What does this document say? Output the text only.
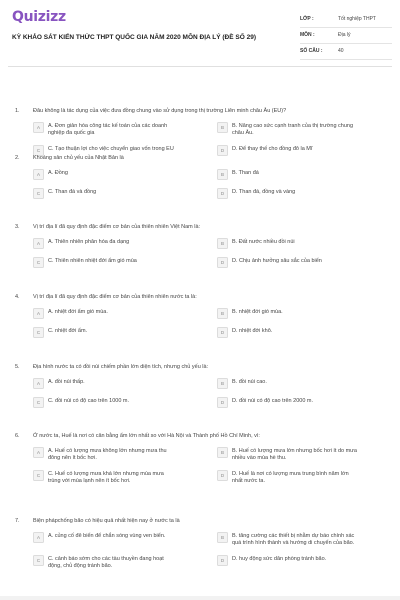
Quizizz
KỲ KHẢO SÁT KIẾN THỨC THPT QUỐC GIA NĂM 2020 MÔN ĐỊA LÝ (ĐỀ SỐ 29)
LỚP :	Tốt nghiệp THPT
MÔN :	Địa lý
SỐ CÂU :	40
1. Đâu không là tác dụng của việc đưa đồng chung vào sử dụng trong thị trường Liên minh châu Âu (EU)?
A	A. Đơn giản hóa công tác kế toán của các doanh
nghiệp đa quốc gia
B	B. Nâng cao sức cạnh tranh của thị trường chung
châu Âu.
C	C. Tạo thuận lợi cho việc chuyển giao vốn trong EU	D	D. Để thay thế cho đồng đô la Mĩ
2. Khoáng sản chủ yếu của Nhật Bản là
A	A. Đồng	B	B. Than đá
C	C. Than đá và đồng	D	D. Than đá, đồng và vàng
3. Vị trí địa lí đã quy định đặc điểm cơ bản của thiên nhiên Việt Nam là:
A	A. Thiên nhiên phân hóa đa dạng	B	B. Đất nước nhiều đồi núi
C	C. Thiên nhiên nhiệt đới ẩm gió mùa	D	D. Chịu ảnh hưởng sâu sắc của biển
4. Vị trí địa lí đã quy định đặc điểm cơ bản của thiên nhiên nước ta là:
A	A. nhiệt đới ẩm gió mùa.	B	B. nhiệt đới gió mùa.
C	C. nhiệt đới ẩm.	D	D. nhiệt đới khô.
5. Địa hình nước ta có đồi núi chiếm phần lớn diện tích, nhưng chủ yếu là:
A	A. đồi núi thấp.	B	B. đồi núi cao.
C	C. đồi núi có độ cao trên 1000 m.	D	D. đồi núi có độ cao trên 2000 m.
6. Ở nước ta, Huế là nơi có cân bằng ẩm lớn nhất so với Hà Nội và Thành phố Hồ Chí Minh, vì:
A	A. Huế có lượng mưa không lớn nhưng mưa thu
đông nên ít bốc hơi.
B	B. Huế có lượng mưa lớn nhưng bốc hơi ít do mưa
nhiều vào mùa hè thu.
C	C. Huế có lượng mưa khá lớn nhưng mùa mưa
trùng với mùa lạnh nên ít bốc hơi.
D	D. Huế là nơi có lượng mưa trung bình năm lớn
nhất nước ta.
7. Biện phápchống bão có hiệu quả nhất hiện nay ở nước ta là
A	A. củng cố đê biển để chắn sóng vùng ven biển.	B	B. tăng cường các thiết bị nhằm dự báo chính xác
quá trình hình thành và hướng di chuyển của bão.
C	C. cảnh báo sớm cho các tàu thuyền đang hoạt
động, chủ động tránh bão.
D	D. huy động sức dân phòng tránh bão.
